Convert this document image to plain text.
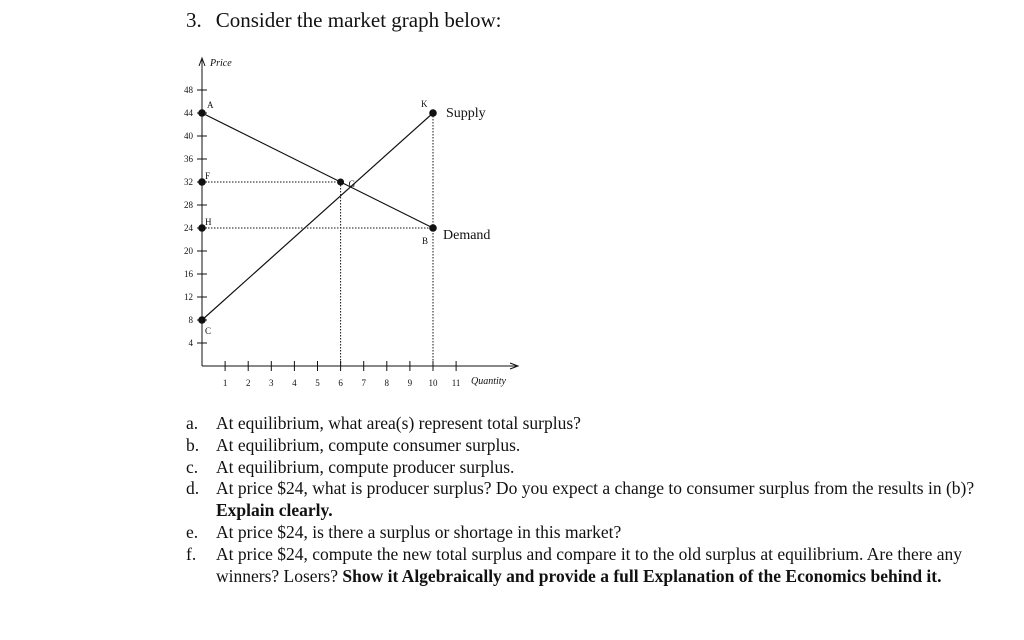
3. Consider the market graph below:
Price
Quantity
4
8
12
16
20
24
28
32
36
40
44
48
1 2 3 4 5 6 7 8 9 10 11
Supply
Demand
A
F
H
C
G
K
B
a.	At equilibrium, what area(s) represent total surplus?
b. At equilibrium, compute consumer surplus.
c.	At equilibrium, compute producer surplus.
d. At price $24, what is producer surplus? Do you expect a change to consumer surplus from the results in (b)? Explain clearly.
e.	At price $24, is there a surplus or shortage in this market?
f.	At price $24, compute the new total surplus and compare it to the old surplus at equilibrium. Are there any winners? Losers? Show it Algebraically and provide a full Explanation of the Economics behind it.
